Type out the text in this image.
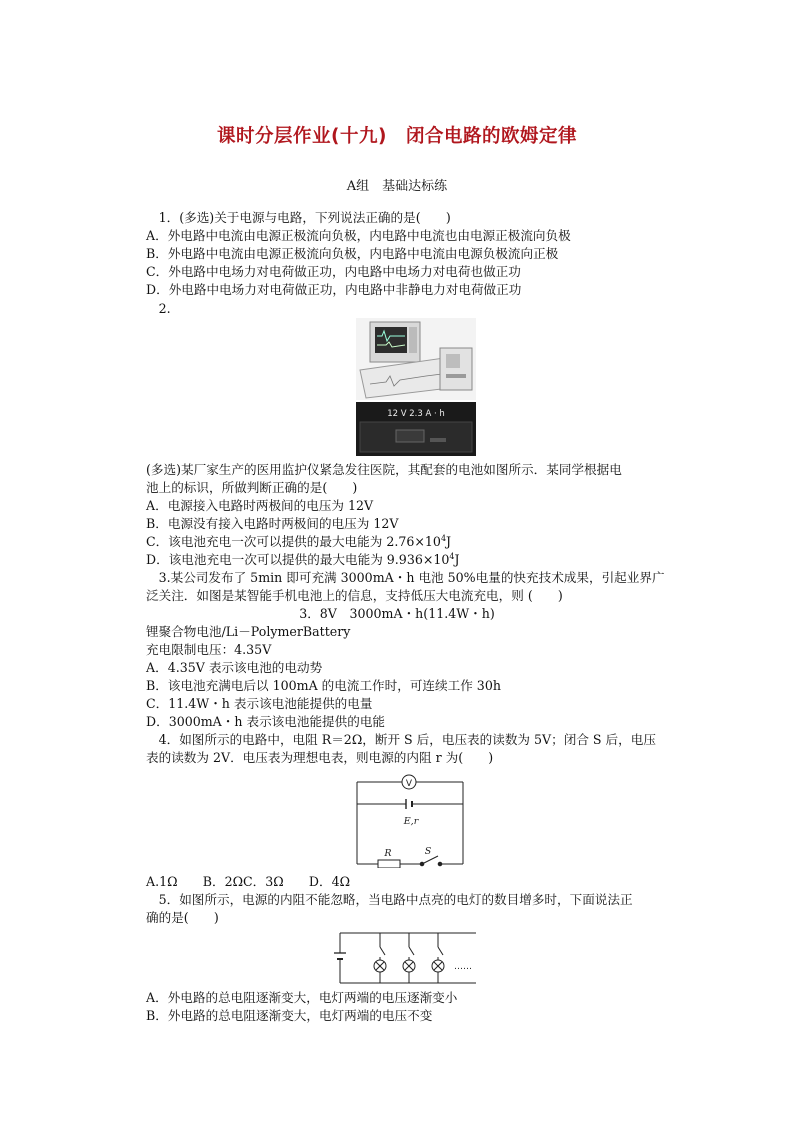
课时分层作业(十九)　闭合电路的欧姆定律
A组　基础达标练
　1．(多选)关于电源与电路，下列说法正确的是(　　)
A．外电路中电流由电源正极流向负极，内电路中电流也由电源正极流向负极
B．外电路中电流由电源正极流向负极，内电路中电流由电源负极流向正极
C．外电路中电场力对电荷做正功，内电路中电场力对电荷也做正功
D．外电路中电场力对电荷做正功，内电路中非静电力对电荷做正功
　2.
12 V 2.3 A · h
(多选)某厂家生产的医用监护仪紧急发往医院，其配套的电池如图所示．某同学根据电
池上的标识，所做判断正确的是(　　)
A．电源接入电路时两极间的电压为 12V
B．电源没有接入电路时两极间的电压为 12V
C．该电池充电一次可以提供的最大电能为 $2.76\times 10^4J$
D．该电池充电一次可以提供的最大电能为 $9.936\times 10^4J$
　3.某公司发布了 5min 即可充满 3000mA・h 电池 50%电量的快充技术成果，引起业界广
泛关注．如图是某智能手机电池上的信息，支持低压大电流充电，则 (　　)
3．8V　3000mA・h(11.4W・h)
锂聚合物电池/Li－PolymerBattery
充电限制电压：4.35V
A．4.35V 表示该电池的电动势
B．该电池充满电后以 100mA 的电流工作时，可连续工作 30h
C．11.4W・h 表示该电池能提供的电量
D．3000mA・h 表示该电池能提供的电能
　4．如图所示的电路中，电阻 R＝2Ω，断开 S 后，电压表的读数为 5V；闭合 S 后，电压
表的读数为 2V．电压表为理想电表，则电源的内阻 r 为(　　)
V
E,r
R	S
A.1Ω　　B．2ΩC．3Ω　　D．4Ω
　5．如图所示，电源的内阻不能忽略，当电路中点亮的电灯的数目增多时，下面说法正
确的是(　　)
……
A．外电路的总电阻逐渐变大，电灯两端的电压逐渐变小
B．外电路的总电阻逐渐变大，电灯两端的电压不变
